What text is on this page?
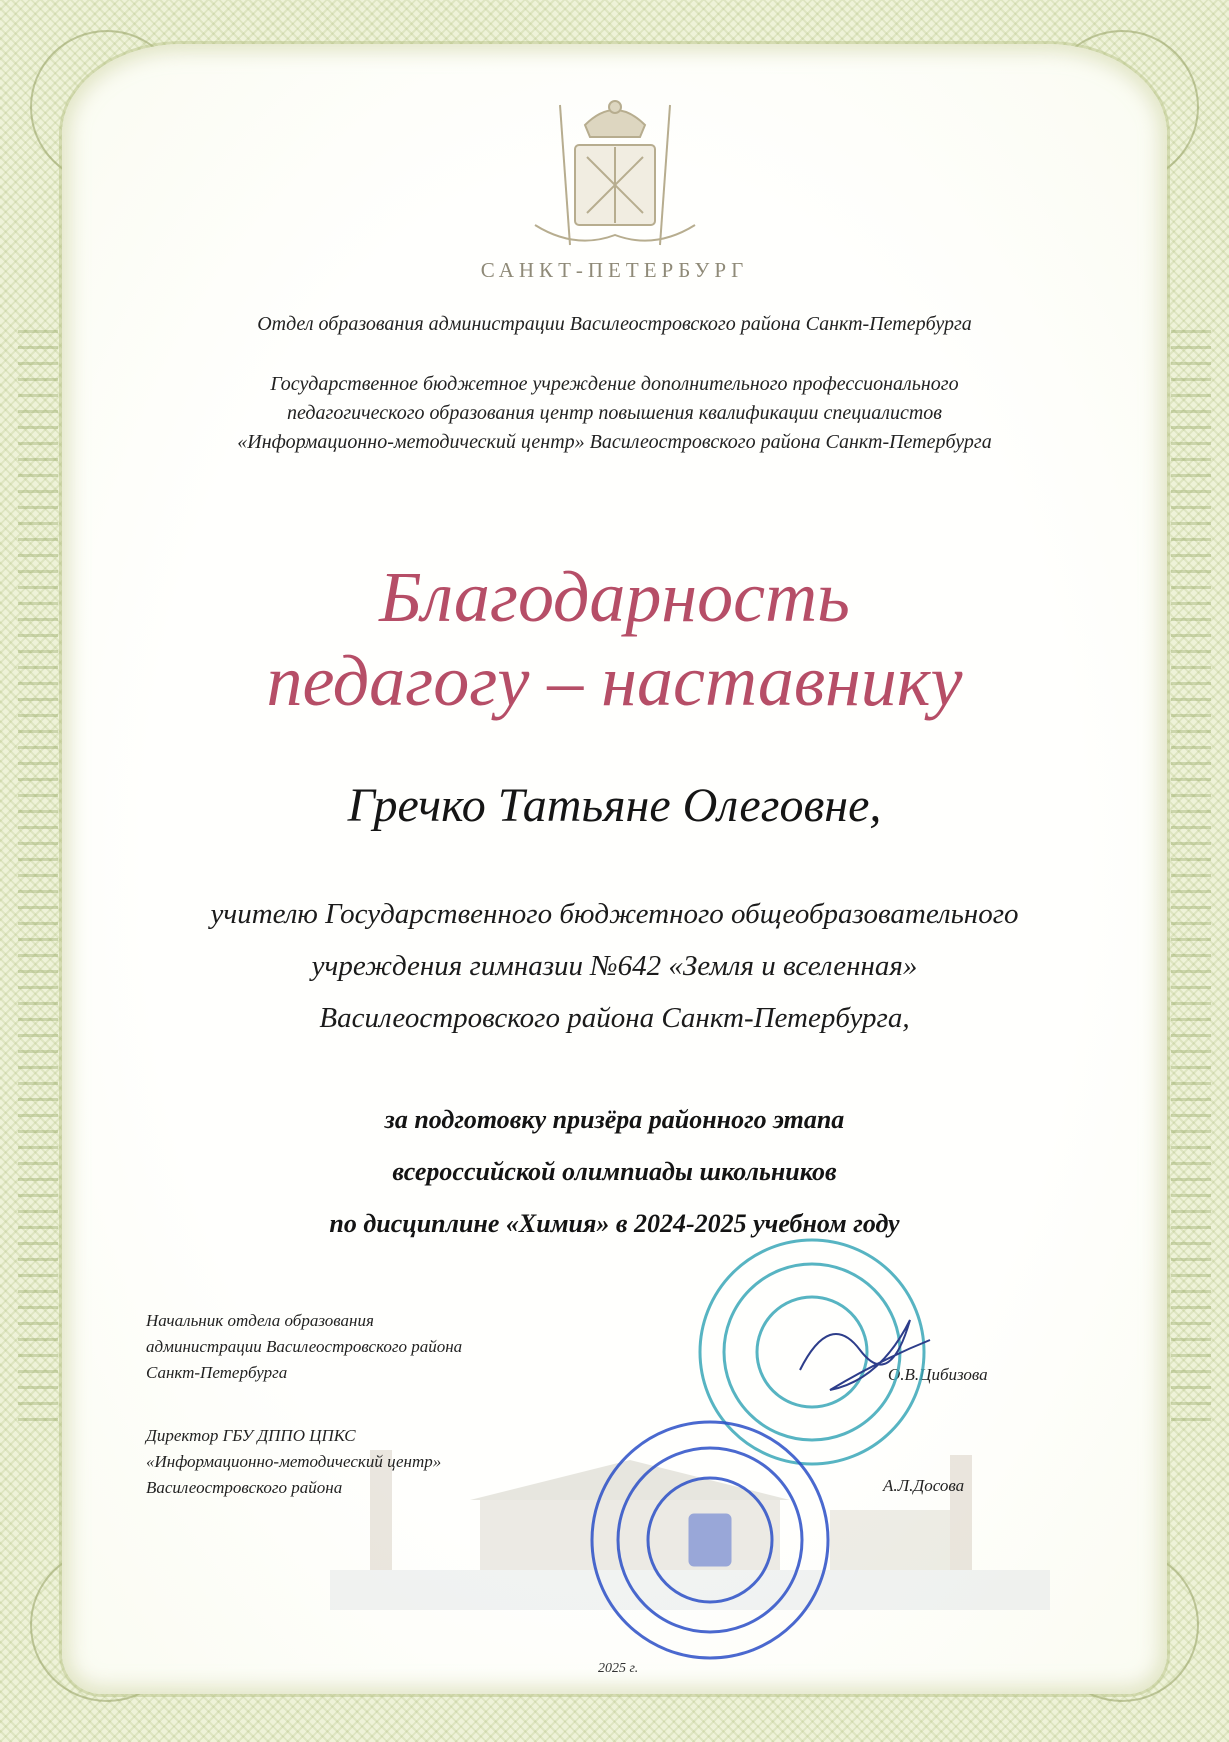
САНКТ-ПЕТЕРБУРГ
Отдел образования администрации Василеостровского района Санкт-Петербурга
Государственное бюджетное учреждение дополнительного профессионального
педагогического образования центр повышения квалификации специалистов
«Информационно-методический центр» Василеостровского района Санкт-Петербурга
Благодарность
педагогу – наставнику
Гречко Татьяне Олеговне,
учителю Государственного бюджетного общеобразовательного
учреждения гимназии №642 «Земля и вселенная»
Василеостровского района Санкт-Петербурга,
за подготовку призёра районного этапа
всероссийской олимпиады школьников
по дисциплине «Химия» в 2024-2025 учебном году
Начальник отдела образования
администрации Василеостровского района
Санкт-Петербурга	О.В.Цибизова
Директор ГБУ ДППО ЦПКС
«Информационно-методический центр»
Василеостровского района	А.Л.Досова
2025 г.
